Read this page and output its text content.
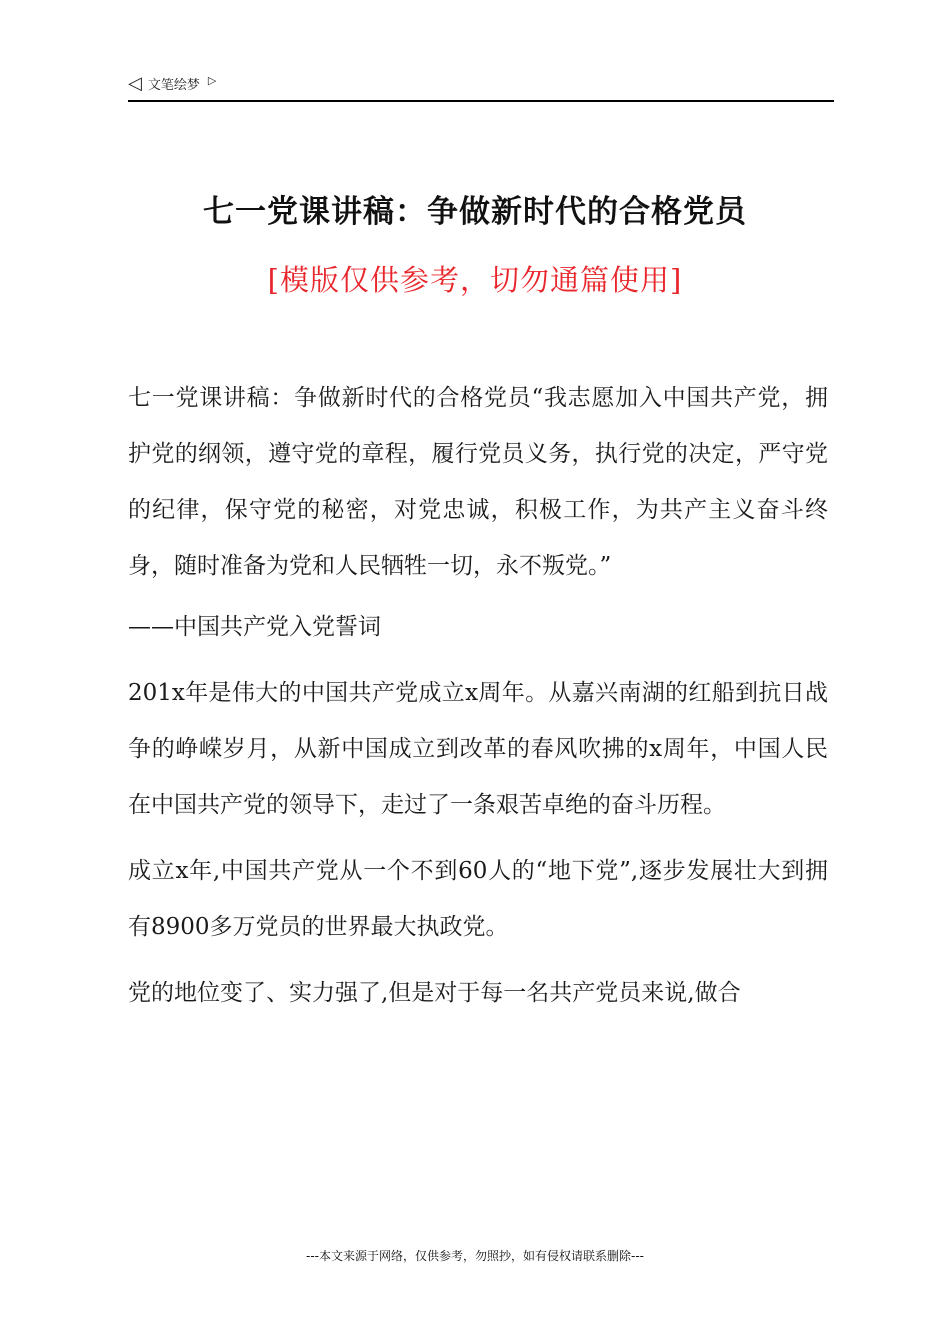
◁ 文笔绘梦 ▷
七一党课讲稿：争做新时代的合格党员
[模版仅供参考，切勿通篇使用]

七一党课讲稿：争做新时代的合格党员“我志愿加入中国共产党，拥护党的纲领，遵守党的章程，履行党员义务，执行党的决定，严守党的纪律，保守党的秘密，对党忠诚，积极工作，为共产主义奋斗终身，随时准备为党和人民牺牲一切，永不叛党。”

——中国共产党入党誓词

201x年是伟大的中国共产党成立x周年。从嘉兴南湖的红船到抗日战争的峥嵘岁月，从新中国成立到改革的春风吹拂的x周年，中国人民在中国共产党的领导下，走过了一条艰苦卓绝的奋斗历程。

成立x年,中国共产党从一个不到60人的“地下党”,逐步发展壮大到拥有8900多万党员的世界最大执政党。

党的地位变了、实力强了,但是对于每一名共产党员来说,做合

---本文来源于网络，仅供参考，勿照抄，如有侵权请联系删除---
